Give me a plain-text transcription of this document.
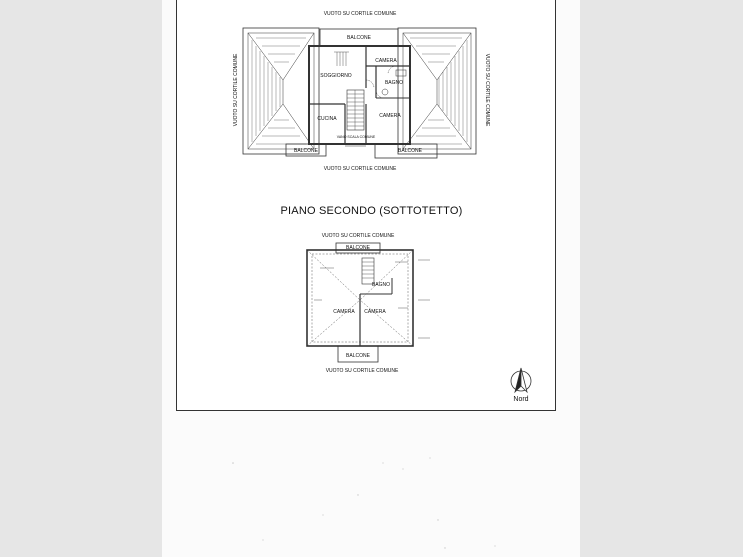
VUOTO SU CORTILE COMUNE
VUOTO SU CORTILE COMUNE
VUOTO SU CORTILE COMUNE	VUOTO SU CORTILE COMUNE
BALCONE
BALCONE	BALCONE
SOGGIORNO
CAMERA
BAGNO
CAMERA
CUCINA
VANO SCALA COMUNE
VUOTO SU CORTILE COMUNE
VUOTO SU CORTILE COMUNE
BALCONE
BALCONE
BAGNO
CAMERA CAMERA
Nord
PIANO SECONDO (SOTTOTETTO)
